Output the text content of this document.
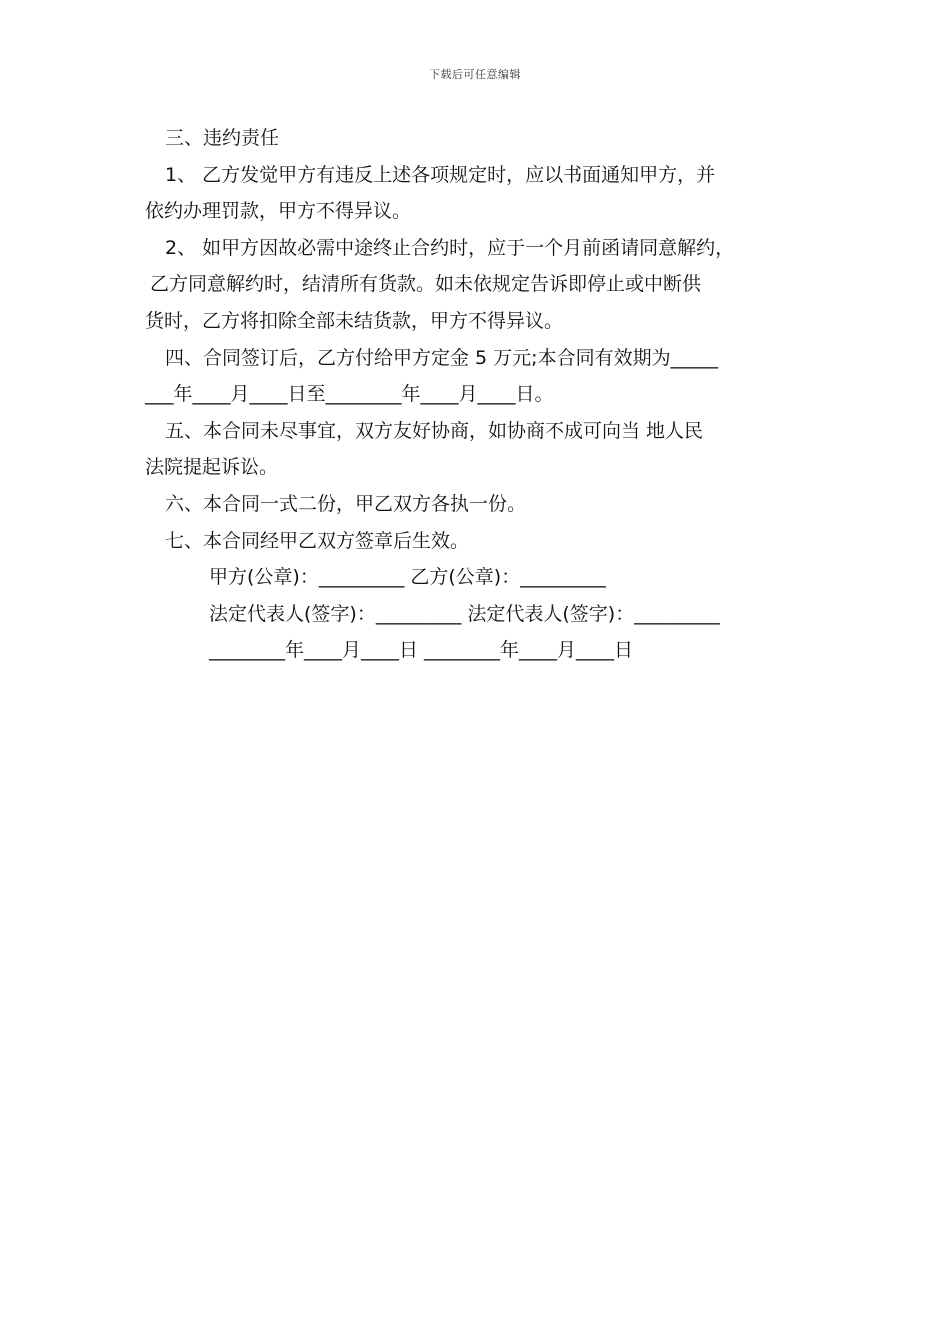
下载后可任意编辑
三、违约责任
1、 乙方发觉甲方有违反上述各项规定时，应以书面通知甲方，并
依约办理罚款，甲方不得异议。
2、 如甲方因故必需中途终止合约时，应于一个月前函请同意解约，
乙方同意解约时，结清所有货款。如未依规定告诉即停止或中断供
货时，乙方将扣除全部未结货款，甲方不得异议。
四、合同签订后，乙方付给甲方定金 5 万元;本合同有效期为_____
___年____月____日至________年____月____日。
五、本合同未尽事宜，双方友好协商，如协商不成可向当 地人民
法院提起诉讼。
六、本合同一式二份，甲乙双方各执一份。
七、本合同经甲乙双方签章后生效。
甲方(公章)：_________ 乙方(公章)：_________
法定代表人(签字)：_________ 法定代表人(签字)：_________
________年____月____日 ________年____月____日
